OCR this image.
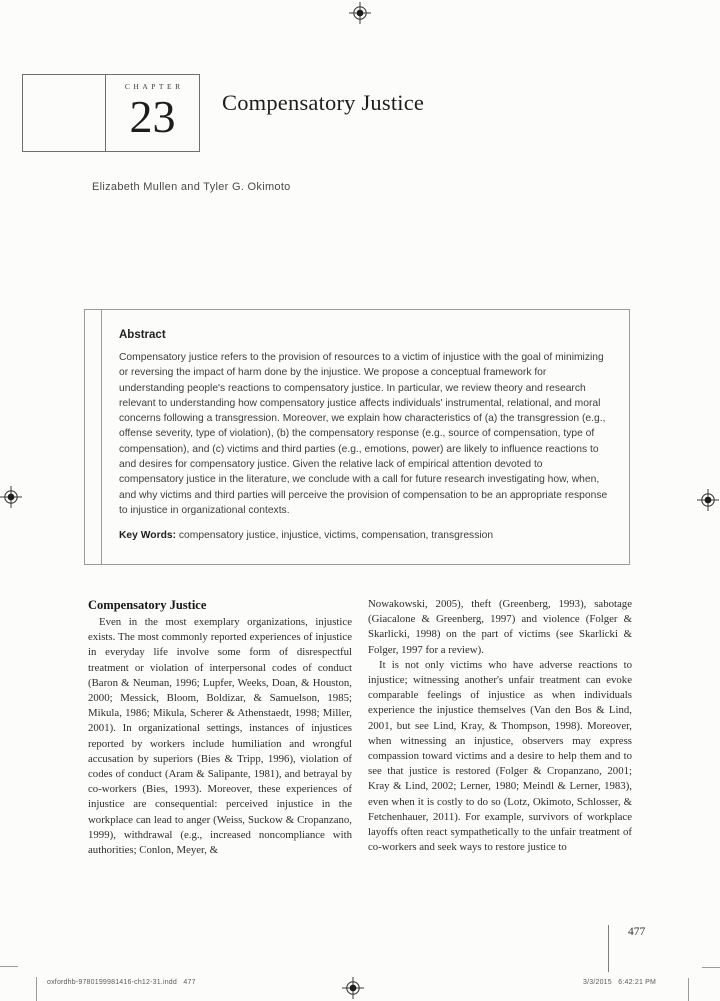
CHAPTER
23 Compensatory Justice
Elizabeth Mullen and Tyler G. Okimoto
Abstract
Compensatory justice refers to the provision of resources to a victim of injustice with the goal of minimizing or reversing the impact of harm done by the injustice. We propose a conceptual framework for understanding people's reactions to compensatory justice. In particular, we review theory and research relevant to understanding how compensatory justice affects individuals' instrumental, relational, and moral concerns following a transgression. Moreover, we explain how characteristics of (a) the transgression (e.g., offense severity, type of violation), (b) the compensatory response (e.g., source of compensation, type of compensation), and (c) victims and third parties (e.g., emotions, power) are likely to influence reactions to and desires for compensatory justice. Given the relative lack of empirical attention devoted to compensatory justice in the literature, we conclude with a call for future research investigating how, when, and why victims and third parties will perceive the provision of compensation to be an appropriate response to injustice in organizational contexts.
Key Words: compensatory justice, injustice, victims, compensation, transgression
Compensatory Justice

Even in the most exemplary organizations, injustice exists. The most commonly reported experiences of injustice in everyday life involve some form of disrespectful treatment or violation of interpersonal codes of conduct (Baron & Neuman, 1996; Lupfer, Weeks, Doan, & Houston, 2000; Messick, Bloom, Boldizar, & Samuelson, 1985; Mikula, 1986; Mikula, Scherer & Athenstaedt, 1998; Miller, 2001). In organizational settings, instances of injustices reported by workers include humiliation and wrongful accusation by superiors (Bies & Tripp, 1996), violation of codes of conduct (Aram & Salipante, 1981), and betrayal by co-workers (Bies, 1993). Moreover, these experiences of injustice are consequential: perceived injustice in the workplace can lead to anger (Weiss, Suckow & Cropanzano, 1999), withdrawal (e.g., increased noncompliance with authorities; Conlon, Meyer, &

Nowakowski, 2005), theft (Greenberg, 1993), sabotage (Giacalone & Greenberg, 1997) and violence (Folger & Skarlicki, 1998) on the part of victims (see Skarlicki & Folger, 1997 for a review).

It is not only victims who have adverse reactions to injustice; witnessing another's unfair treatment can evoke comparable feelings of injustice as when individuals experience the injustice themselves (Van den Bos & Lind, 2001, but see Lind, Kray, & Thompson, 1998). Moreover, when witnessing an injustice, observers may express compassion toward victims and a desire to help them and to see that justice is restored (Folger & Cropanzano, 2001; Kray & Lind, 2002; Lerner, 1980; Meindl & Lerner, 1983), even when it is costly to do so (Lotz, Okimoto, Schlosser, & Fetchenhauer, 2011). For example, survivors of workplace layoffs often react sympathetically to the unfair treatment of co-workers and seek ways to restore justice to

477
oxfordhb-9780199981416-ch12-31.indd   477	3/3/2015   6:42:21 PM
